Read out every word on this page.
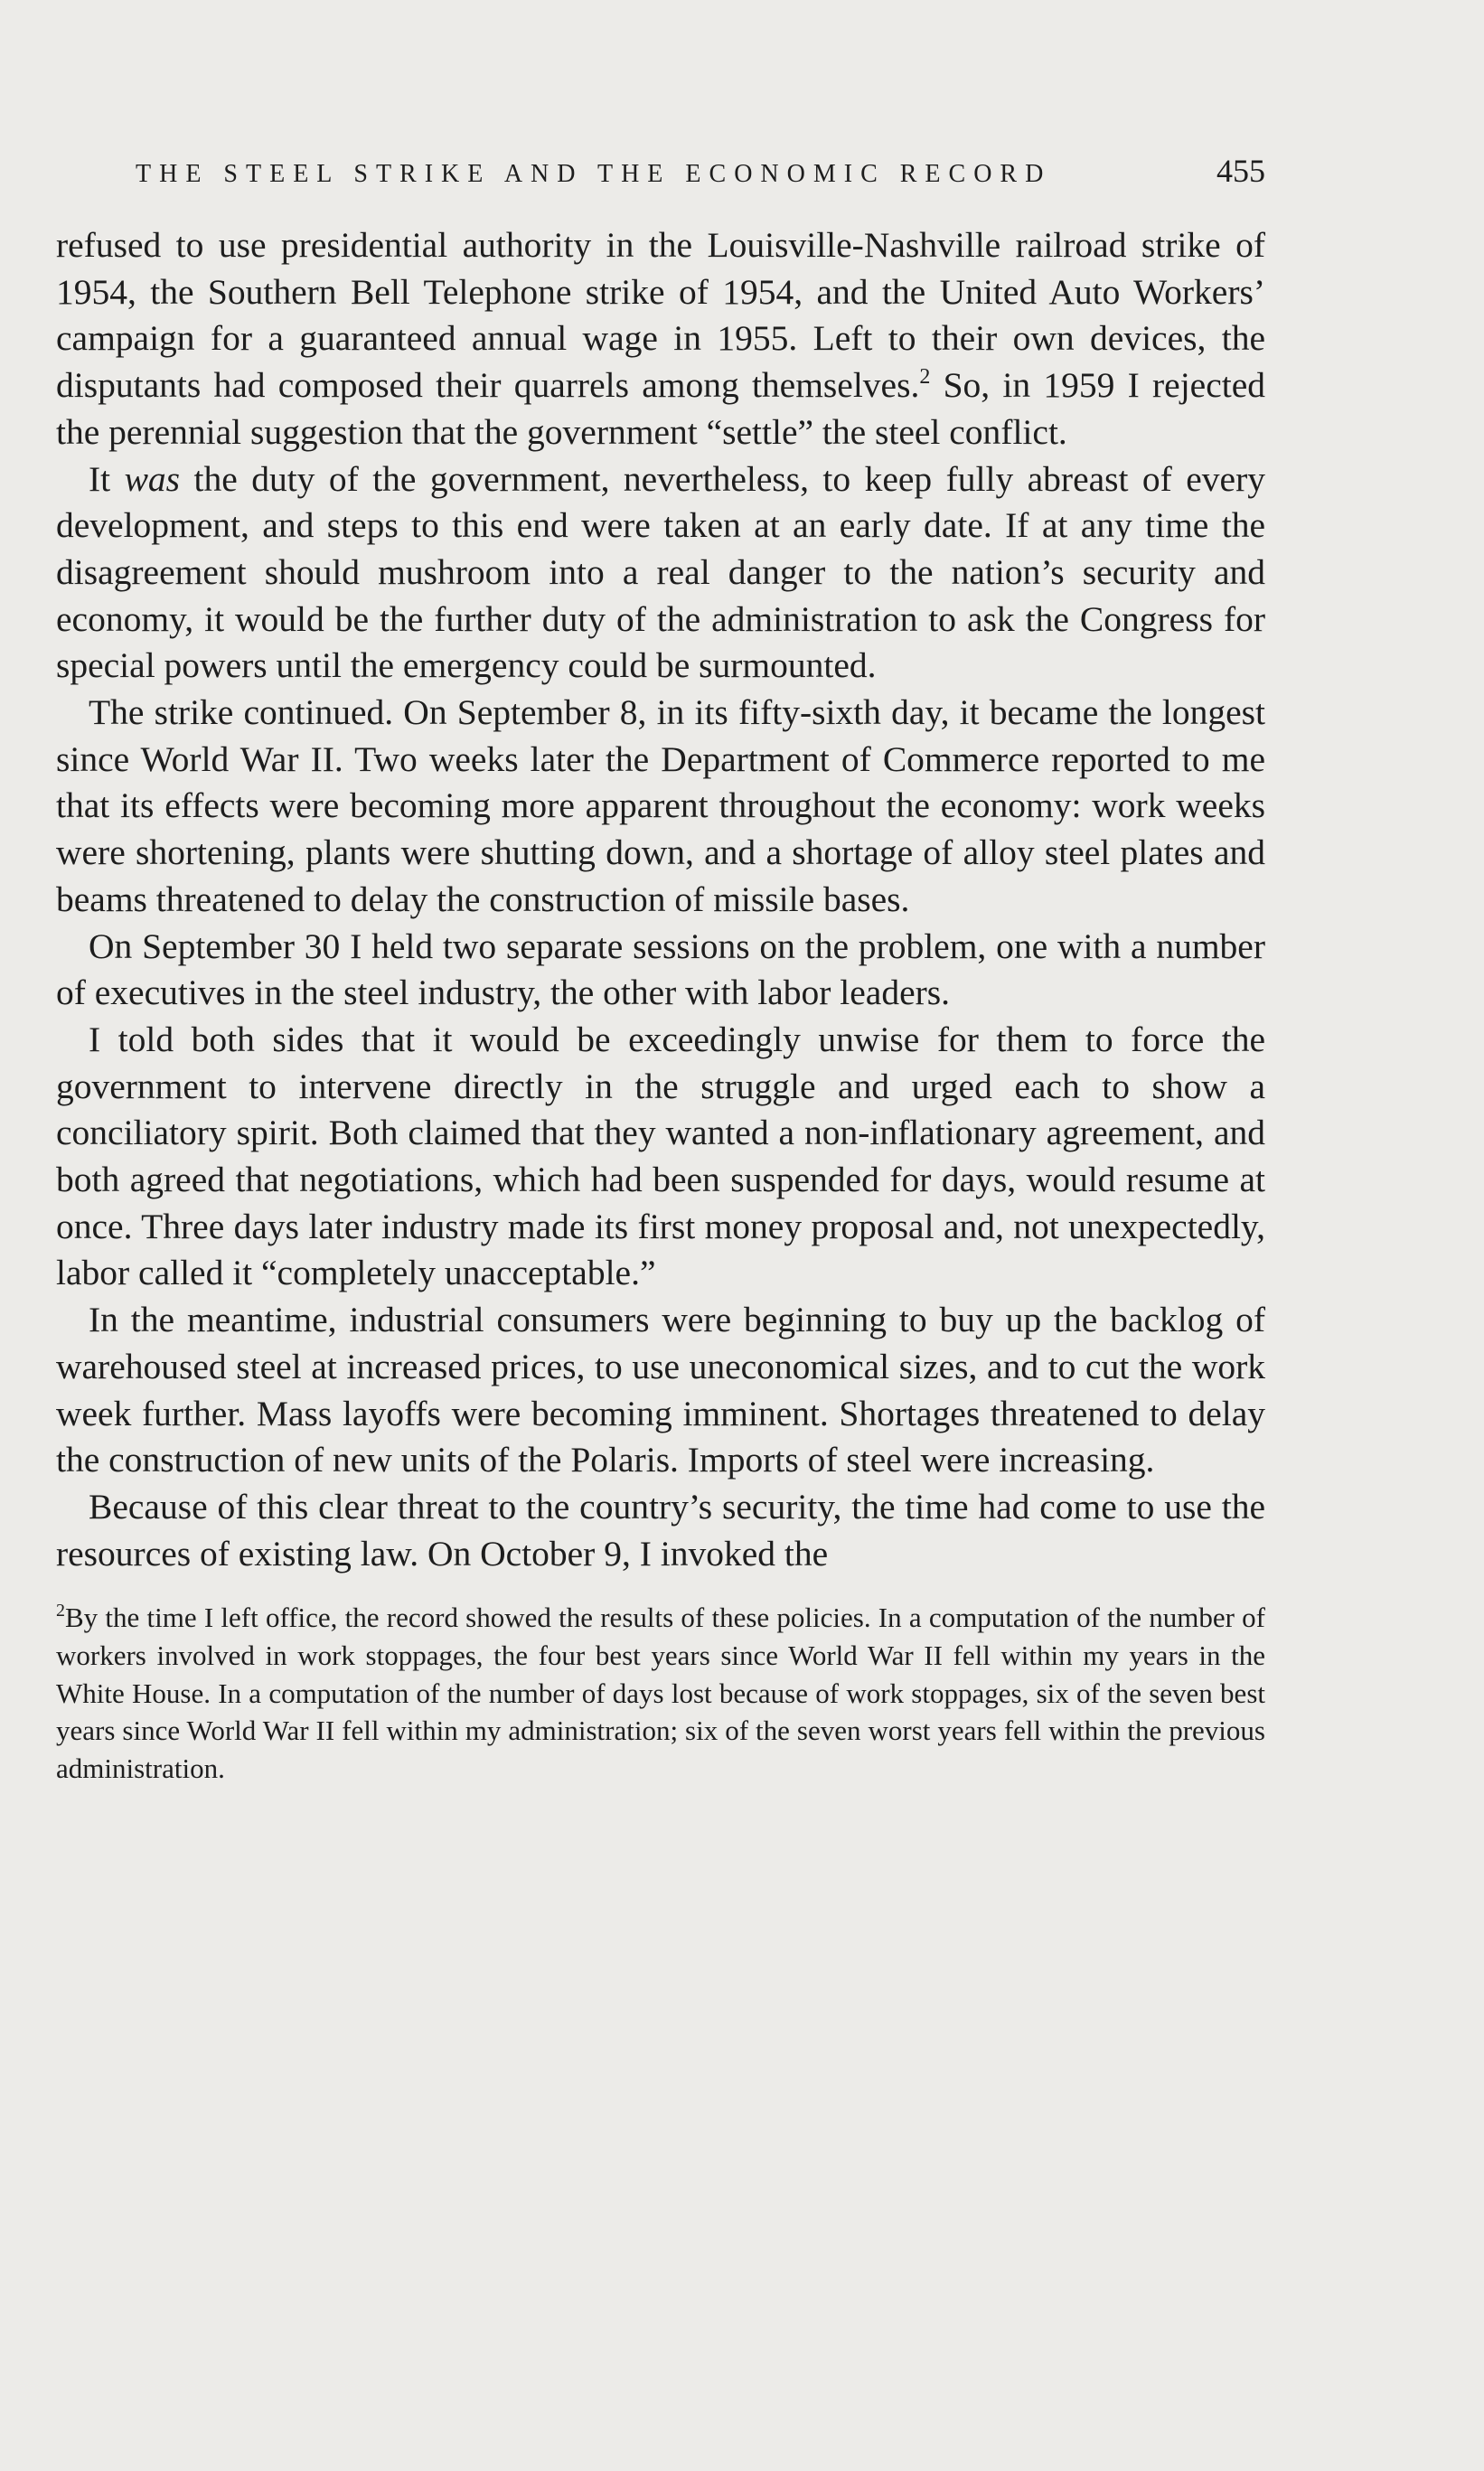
THE STEEL STRIKE AND THE ECONOMIC RECORD	455

refused to use presidential authority in the Louisville-Nashville railroad strike of 1954, the Southern Bell Telephone strike of 1954, and the United Auto Workers’ campaign for a guaranteed annual wage in 1955. Left to their own devices, the disputants had composed their quarrels among themselves.$^2$ So, in 1959 I rejected the perennial suggestion that the government “settle” the steel conflict.

It was the duty of the government, nevertheless, to keep fully abreast of every development, and steps to this end were taken at an early date. If at any time the disagreement should mushroom into a real danger to the nation’s security and economy, it would be the further duty of the administration to ask the Congress for special powers until the emergency could be surmounted.

The strike continued. On September 8, in its fifty-sixth day, it became the longest since World War II. Two weeks later the Department of Commerce reported to me that its effects were becoming more apparent throughout the economy: work weeks were shortening, plants were shutting down, and a shortage of alloy steel plates and beams threatened to delay the construction of missile bases.

On September 30 I held two separate sessions on the problem, one with a number of executives in the steel industry, the other with labor leaders.

I told both sides that it would be exceedingly unwise for them to force the government to intervene directly in the struggle and urged each to show a conciliatory spirit. Both claimed that they wanted a non-inflationary agreement, and both agreed that negotiations, which had been suspended for days, would resume at once. Three days later industry made its first money proposal and, not unexpectedly, labor called it “completely unacceptable.”

In the meantime, industrial consumers were beginning to buy up the backlog of warehoused steel at increased prices, to use uneconomical sizes, and to cut the work week further. Mass layoffs were becoming imminent. Shortages threatened to delay the construction of new units of the Polaris. Imports of steel were increasing.

Because of this clear threat to the country’s security, the time had come to use the resources of existing law. On October 9, I invoked the

$^2$By the time I left office, the record showed the results of these policies. In a computation of the number of workers involved in work stoppages, the four best years since World War II fell within my years in the White House. In a computation of the number of days lost because of work stoppages, six of the seven best years since World War II fell within my administration; six of the seven worst years fell within the previous administration.
